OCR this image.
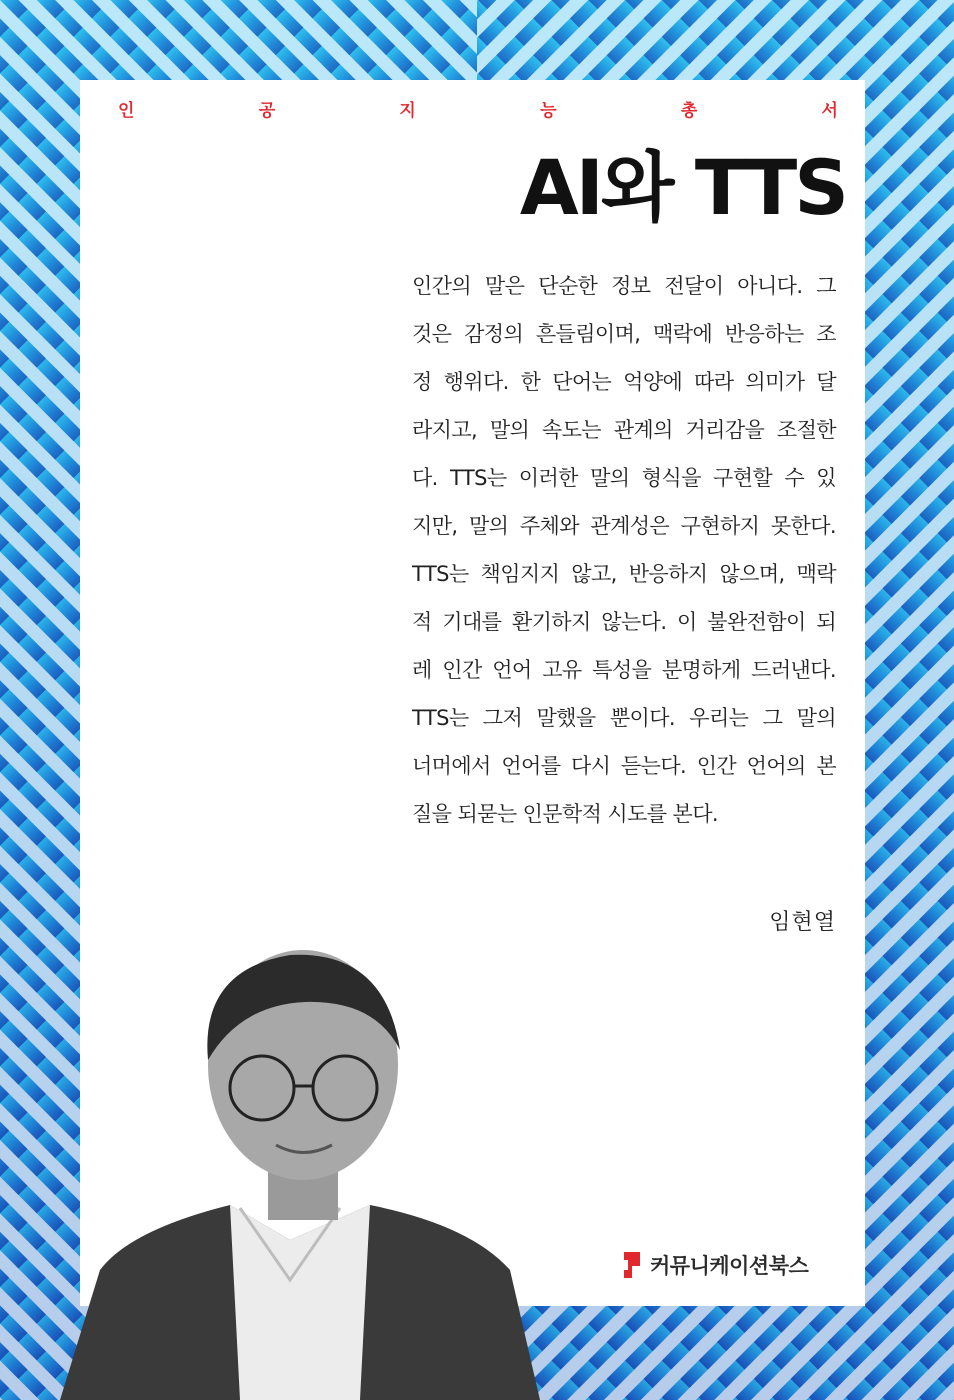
인	공	지	능	총	서
AI와 TTS
인간의 말은 단순한 정보 전달이 아니다. 그
것은 감정의 흔들림이며, 맥락에 반응하는 조
정 행위다. 한 단어는 억양에 따라 의미가 달
라지고, 말의 속도는 관계의 거리감을 조절한
다. TTS는 이러한 말의 형식을 구현할 수 있
지만, 말의 주체와 관계성은 구현하지 못한다.
TTS는 책임지지 않고, 반응하지 않으며, 맥락
적 기대를 환기하지 않는다. 이 불완전함이 되
레 인간 언어 고유 특성을 분명하게 드러낸다.
TTS는 그저 말했을 뿐이다. 우리는 그 말의
너머에서 언어를 다시 듣는다. 인간 언어의 본
질을 되묻는 인문학적 시도를 본다.
임현열
커뮤니케이션북스
